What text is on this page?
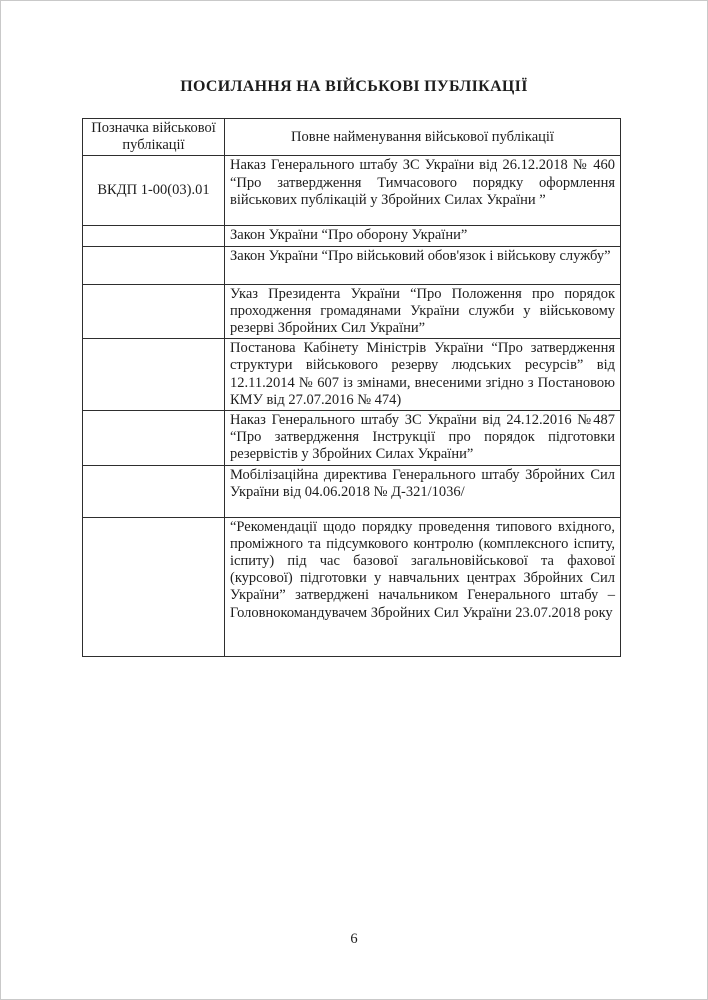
ПОСИЛАННЯ НА ВІЙСЬКОВІ ПУБЛІКАЦІЇ
Позначка військової публікації	Повне найменування військової публікації
ВКДП 1-00(03).01	Наказ Генерального штабу ЗС України від 26.12.2018 № 460 “Про затвердження Тимчасового порядку оформлення військових публікацій у Збройних Силах України ”
	Закон України “Про оборону України”
	Закон України “Про військовий обов'язок і військову службу”
	Указ Президента України “Про Положення про порядок проходження громадянами України служби у військовому резерві Збройних Сил України”
	Постанова Кабінету Міністрів України “Про затвердження структури військового резерву людських ресурсів” від 12.11.2014 № 607 із змінами, внесеними згідно з Постановою КМУ від 27.07.2016 № 474)
	Наказ Генерального штабу ЗС України від 24.12.2016 №487 “Про затвердження Інструкції про порядок підготовки резервістів у Збройних Силах України”
	Мобілізаційна директива Генерального штабу Збройних Сил України від 04.06.2018 № Д-321/1036/
	“Рекомендації щодо порядку проведення типового вхідного, проміжного та підсумкового контролю (комплексного іспиту, іспиту) під час базової загальновійськової та фахової (курсової) підготовки у навчальних центрах Збройних Сил України” затверджені начальником Генерального штабу – Головнокомандувачем Збройних Сил України 23.07.2018 року
6
